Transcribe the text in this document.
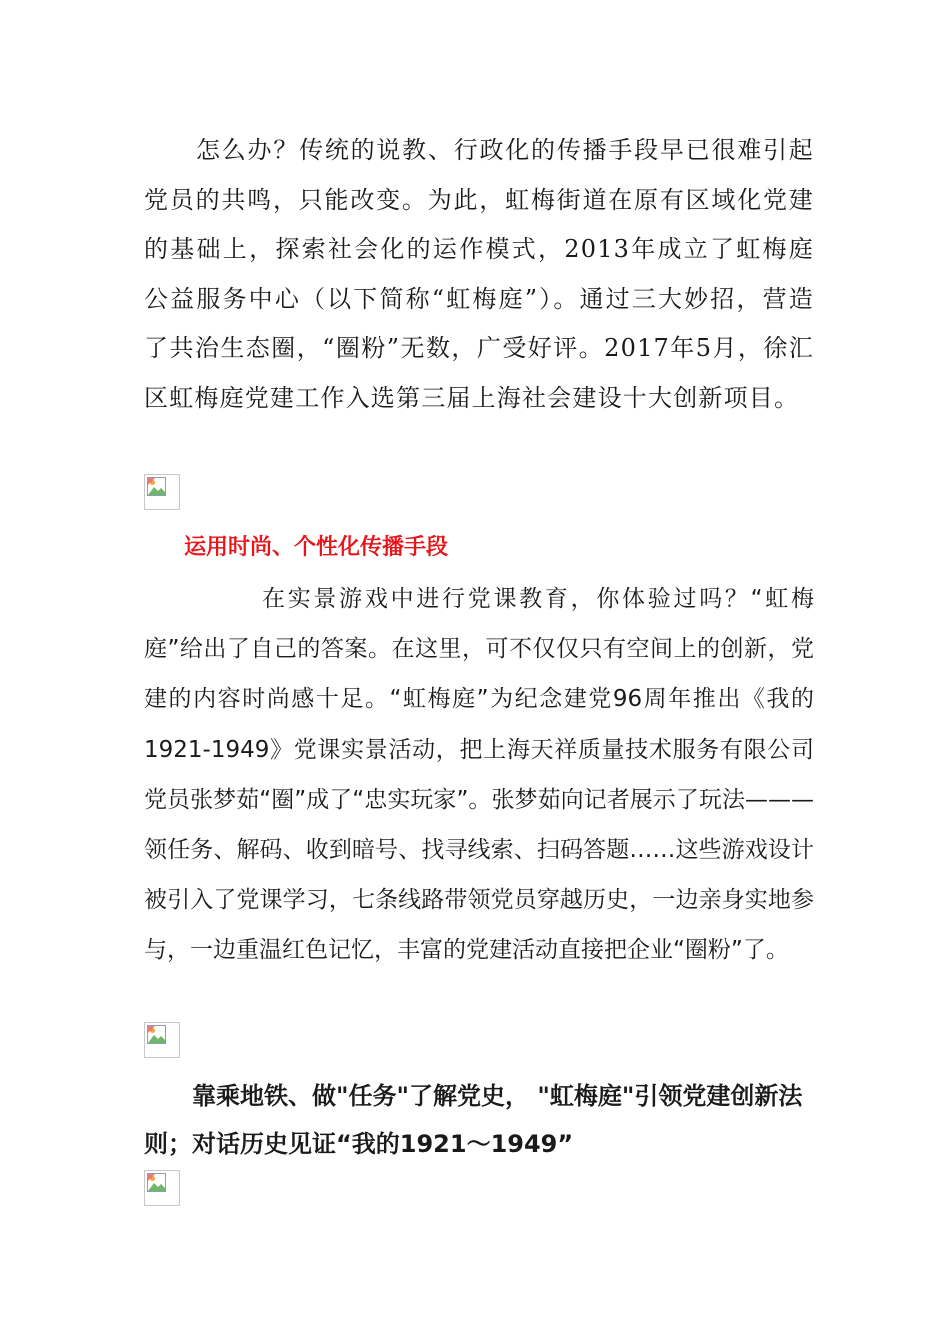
怎么办？传统的说教、行政化的传播手段早已很难引起党员的共鸣，只能改变。为此，虹梅街道在原有区域化党建的基础上，探索社会化的运作模式，2013年成立了虹梅庭公益服务中心（以下简称“虹梅庭”）。通过三大妙招，营造了共治生态圈，“圈粉”无数，广受好评。2017年5月，徐汇区虹梅庭党建工作入选第三届上海社会建设十大创新项目。

运用时尚、个性化传播手段

在实景游戏中进行党课教育，你体验过吗？“虹梅庭”给出了自己的答案。在这里，可不仅仅只有空间上的创新，党建的内容时尚感十足。“虹梅庭”为纪念建党96周年推出《我的1921-1949》党课实景活动，把上海天祥质量技术服务有限公司党员张梦茹“圈”成了“忠实玩家”。张梦茹向记者展示了玩法———领任务、解码、收到暗号、找寻线索、扫码答题……这些游戏设计被引入了党课学习，七条线路带领党员穿越历史，一边亲身实地参与，一边重温红色记忆，丰富的党建活动直接把企业“圈粉”了。

靠乘地铁、做"任务"了解党史， "虹梅庭"引领党建创新法则；对话历史见证“我的1921～1949”
